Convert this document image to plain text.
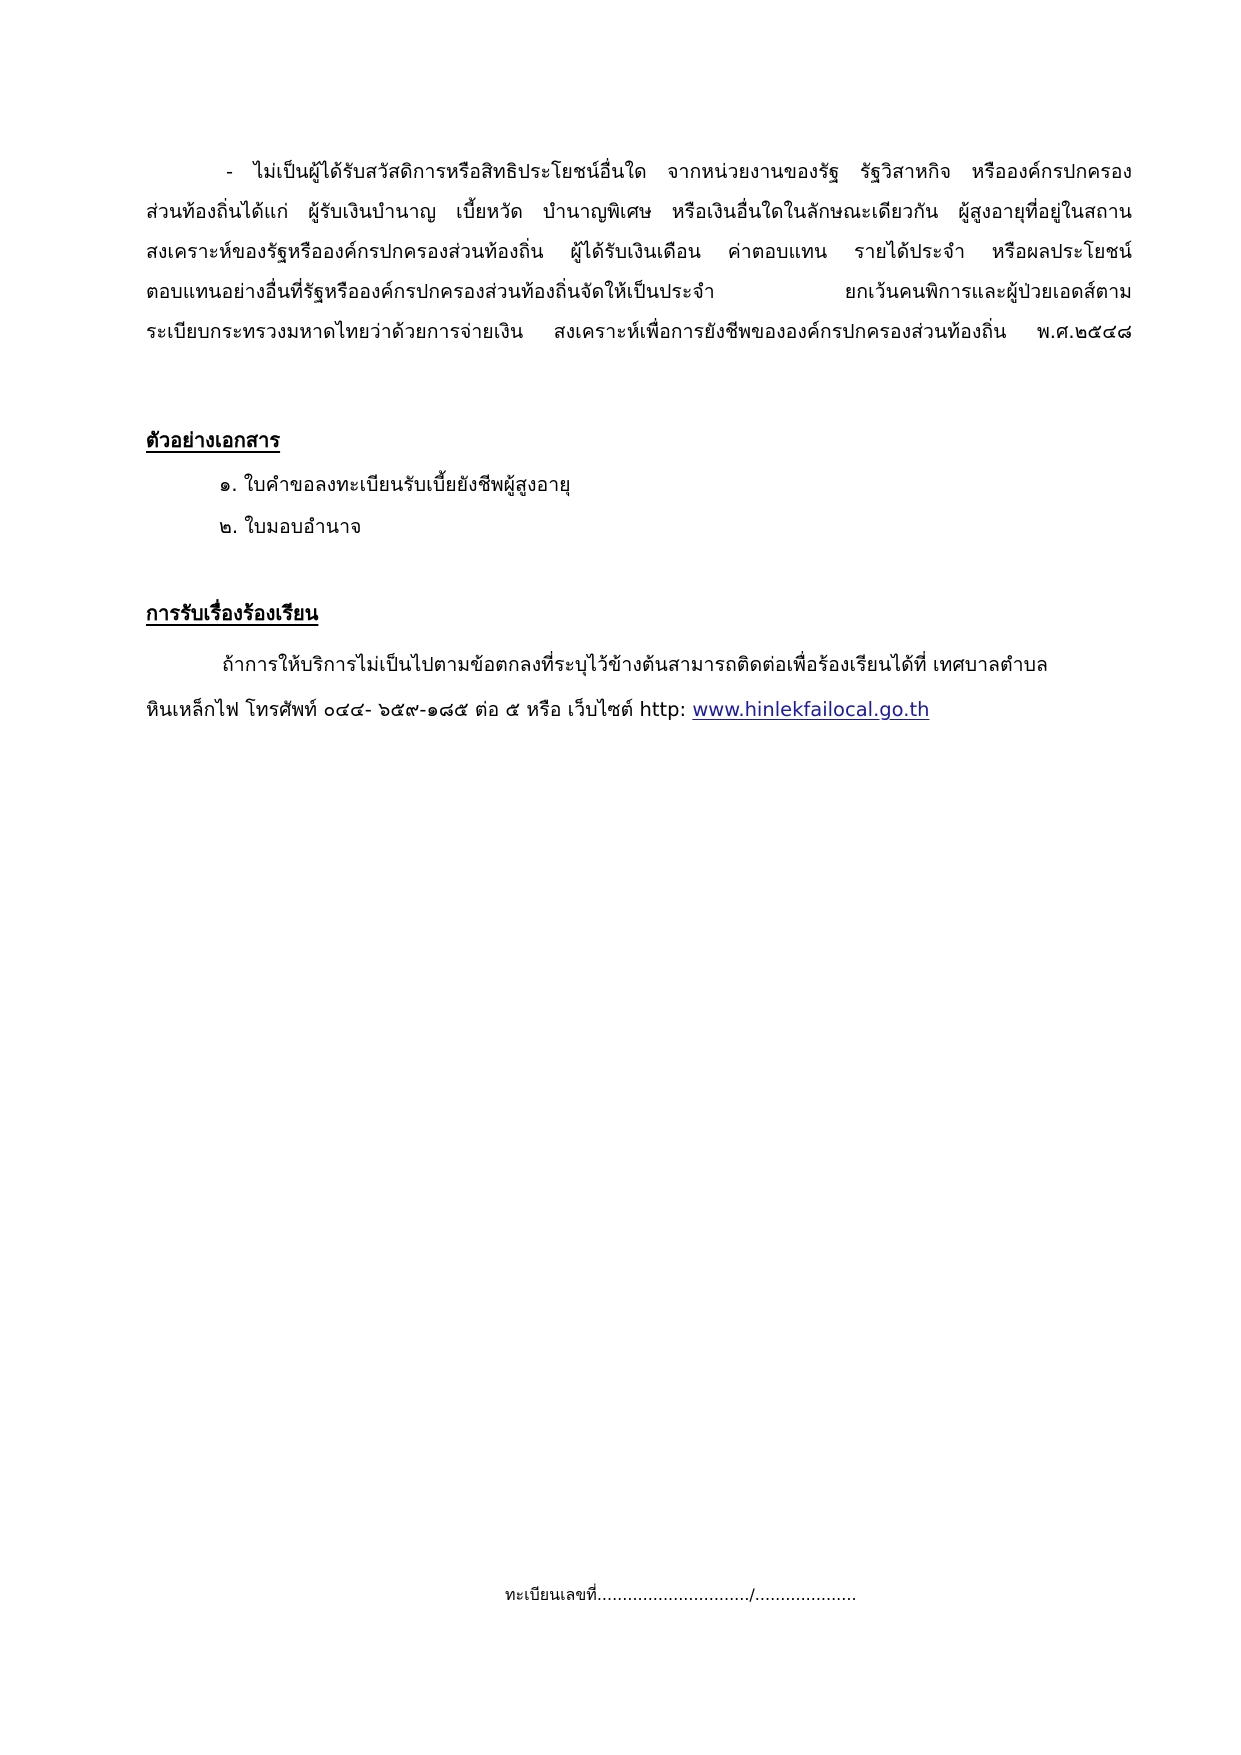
- ไม่เป็นผู้ได้รับสวัสดิการหรือสิทธิประโยชน์อื่นใด จากหน่วยงานของรัฐ รัฐวิสาหกิจ หรือองค์กรปกครอง
ส่วนท้องถิ่นได้แก่ ผู้รับเงินบำนาญ เบี้ยหวัด บำนาญพิเศษ หรือเงินอื่นใดในลักษณะเดียวกัน ผู้สูงอายุที่อยู่ในสถาน
สงเคราะห์ของรัฐหรือองค์กรปกครองส่วนท้องถิ่น ผู้ได้รับเงินเดือน ค่าตอบแทน รายได้ประจำ หรือผลประโยชน์
ตอบแทนอย่างอื่นที่รัฐหรือองค์กรปกครองส่วนท้องถิ่นจัดให้เป็นประจำ ยกเว้นคนพิการและผู้ป่วยเอดส์ตาม
ระเบียบกระทรวงมหาดไทยว่าด้วยการจ่ายเงิน สงเคราะห์เพื่อการยังชีพขององค์กรปกครองส่วนท้องถิ่น พ.ศ.๒๕๔๘
ตัวอย่างเอกสาร
๑. ใบคำขอลงทะเบียนรับเบี้ยยังชีพผู้สูงอายุ
๒. ใบมอบอำนาจ
การรับเรื่องร้องเรียน
ถ้าการให้บริการไม่เป็นไปตามข้อตกลงที่ระบุไว้ข้างต้นสามารถติดต่อเพื่อร้องเรียนได้ที่ เทศบาลตำบล
หินเหล็กไฟ โทรศัพท์ ๐๔๔- ๖๕๙-๑๘๕ ต่อ ๕ หรือ เว็บไซต์ http: www.hinlekfailocal.go.th
ทะเบียนเลขที่............................../....................
